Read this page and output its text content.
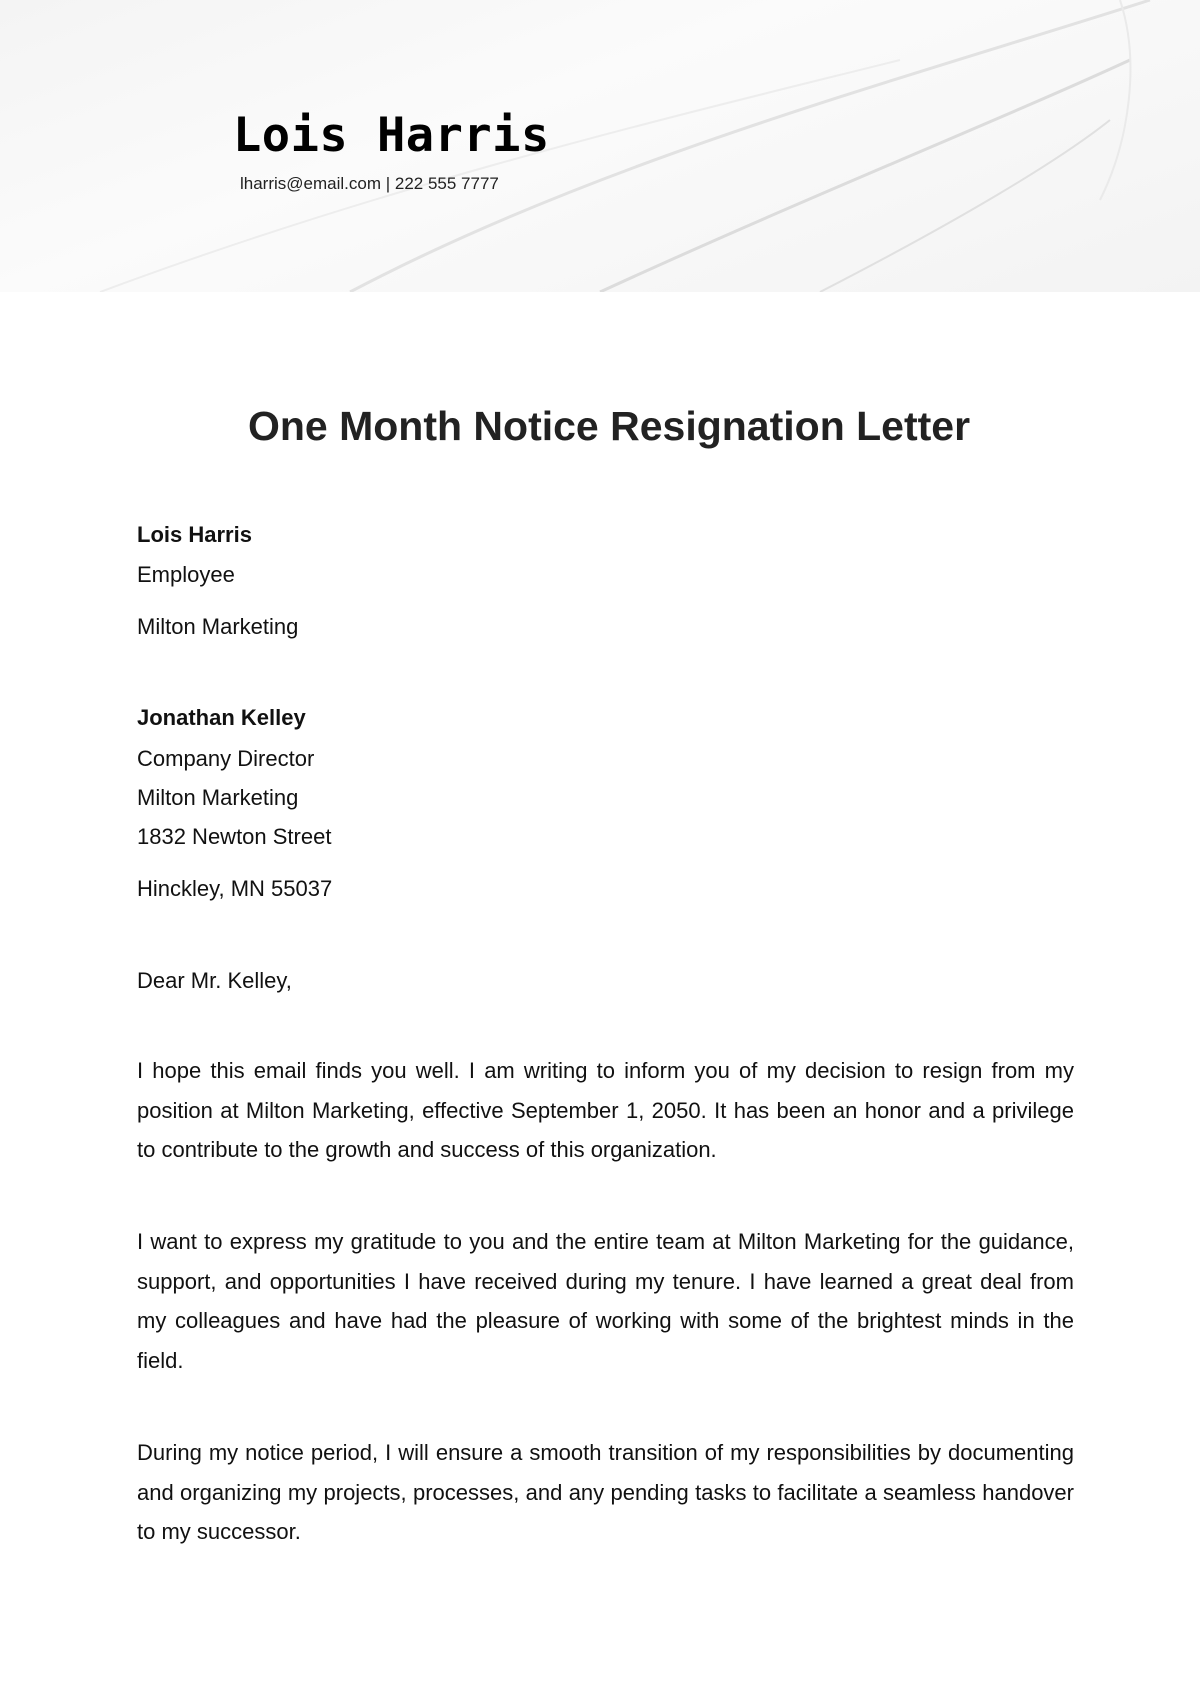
Lois Harris
lharris@email.com | 222 555 7777
One Month Notice Resignation Letter
Lois Harris
Employee
Milton Marketing
Jonathan Kelley
Company Director
Milton Marketing
1832 Newton Street
Hinckley, MN 55037
Dear Mr. Kelley,
I hope this email finds you well. I am writing to inform you of my decision to resign from my position at Milton Marketing, effective September 1, 2050. It has been an honor and a privilege to contribute to the growth and success of this organization.
I want to express my gratitude to you and the entire team at Milton Marketing for the guidance, support, and opportunities I have received during my tenure. I have learned a great deal from my colleagues and have had the pleasure of working with some of the brightest minds in the field.
During my notice period, I will ensure a smooth transition of my responsibilities by documenting and organizing my projects, processes, and any pending tasks to facilitate a seamless handover to my successor.
